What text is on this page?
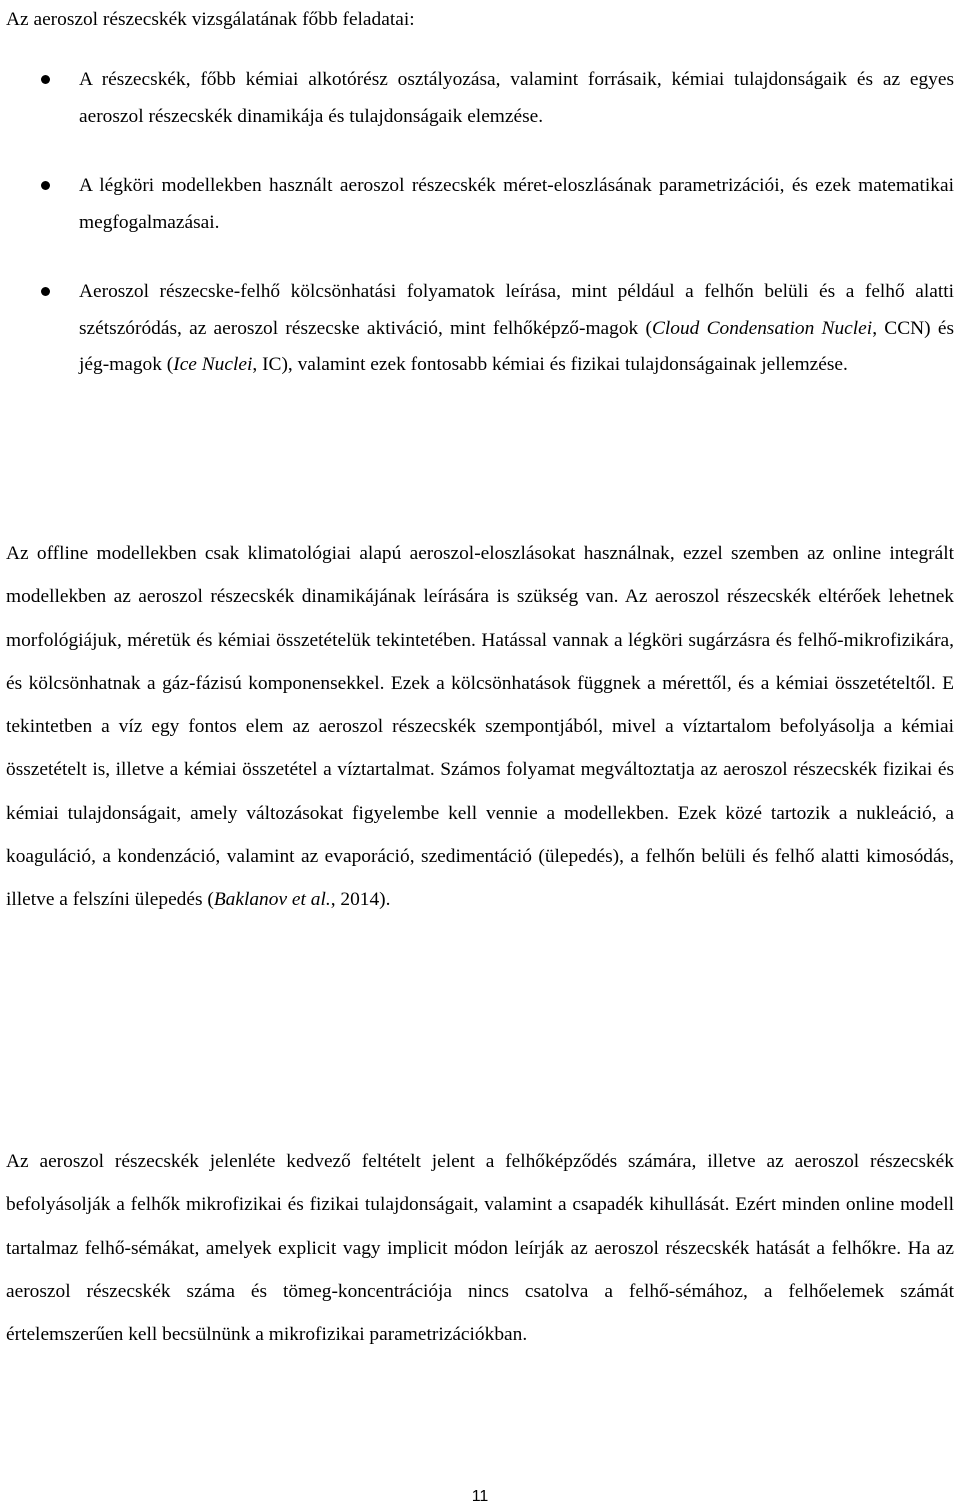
Az aeroszol részecskék vizsgálatának főbb feladatai:
A részecskék, főbb kémiai alkotórész osztályozása, valamint forrásaik, kémiai tulajdonságaik és az egyes aeroszol részecskék dinamikája és tulajdonságaik elemzése.
A légköri modellekben használt aeroszol részecskék méret-eloszlásának parametrizációi, és ezek matematikai megfogalmazásai.
Aeroszol részecske-felhő kölcsönhatási folyamatok leírása, mint például a felhőn belüli és a felhő alatti szétszóródás, az aeroszol részecske aktiváció, mint felhőképző-magok (Cloud Condensation Nuclei, CCN) és jég-magok (Ice Nuclei, IC), valamint ezek fontosabb kémiai és fizikai tulajdonságainak jellemzése.

Az offline modellekben csak klimatológiai alapú aeroszol-eloszlásokat használnak, ezzel szemben az online integrált modellekben az aeroszol részecskék dinamikájának leírására is szükség van. Az aeroszol részecskék eltérőek lehetnek morfológiájuk, méretük és kémiai összetételük tekintetében. Hatással vannak a légköri sugárzásra és felhő-mikrofizikára, és kölcsönhatnak a gáz-fázisú komponensekkel. Ezek a kölcsönhatások függnek a mérettől, és a kémiai összetételtől. E tekintetben a víz egy fontos elem az aeroszol részecskék szempontjából, mivel a víztartalom befolyásolja a kémiai összetételt is, illetve a kémiai összetétel a víztartalmat. Számos folyamat megváltoztatja az aeroszol részecskék fizikai és kémiai tulajdonságait, amely változásokat figyelembe kell vennie a modellekben. Ezek közé tartozik a nukleáció, a koaguláció, a kondenzáció, valamint az evaporáció, szedimentáció (ülepedés), a felhőn belüli és felhő alatti kimosódás, illetve a felszíni ülepedés (Baklanov et al., 2014).

Az aeroszol részecskék jelenléte kedvező feltételt jelent a felhőképződés számára, illetve az aeroszol részecskék befolyásolják a felhők mikrofizikai és fizikai tulajdonságait, valamint a csapadék kihullását. Ezért minden online modell tartalmaz felhő-sémákat, amelyek explicit vagy implicit módon leírják az aeroszol részecskék hatását a felhőkre. Ha az aeroszol részecskék száma és tömeg-koncentrációja nincs csatolva a felhő-sémához, a felhőelemek számát értelemszerűen kell becsülnünk a mikrofizikai parametrizációkban.

11
